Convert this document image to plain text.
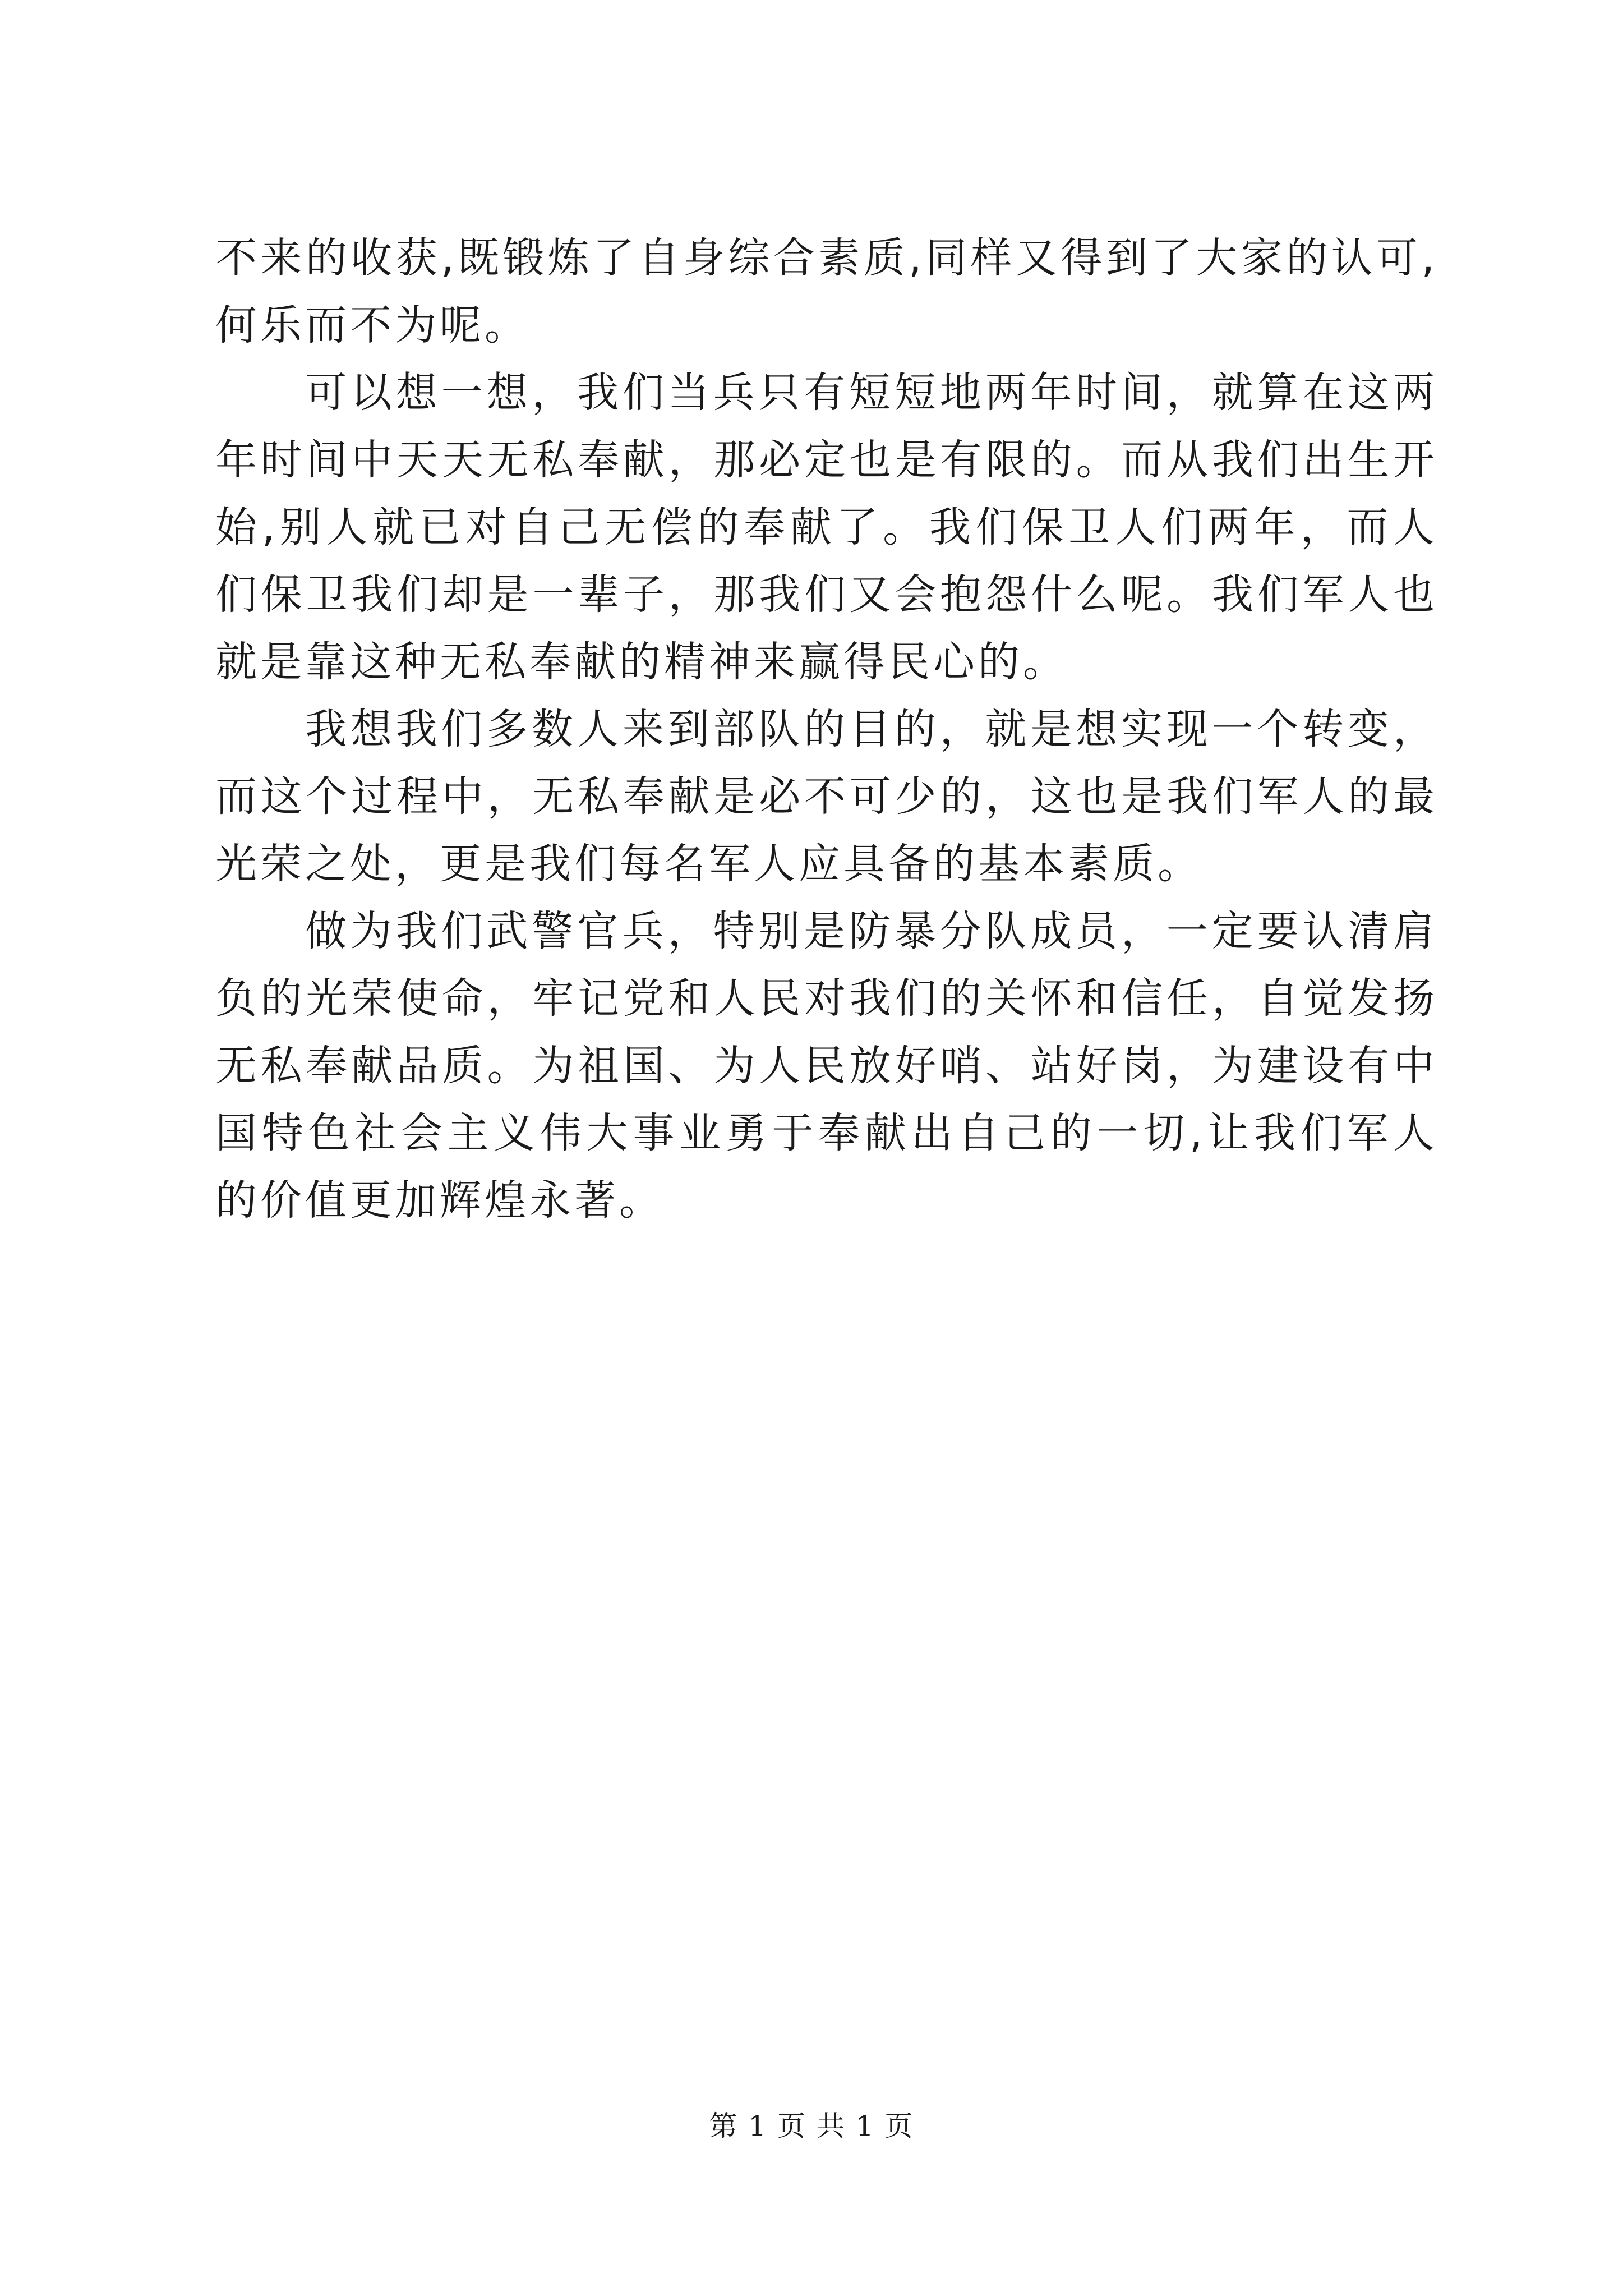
不来的收获,既锻炼了自身综合素质,同样又得到了大家的认可,何乐而不为呢。

可以想一想，我们当兵只有短短地两年时间，就算在这两年时间中天天无私奉献，那必定也是有限的。而从我们出生开始,别人就已对自己无偿的奉献了。我们保卫人们两年，而人们保卫我们却是一辈子，那我们又会抱怨什么呢。我们军人也就是靠这种无私奉献的精神来赢得民心的。

我想我们多数人来到部队的目的，就是想实现一个转变，而这个过程中，无私奉献是必不可少的，这也是我们军人的最光荣之处，更是我们每名军人应具备的基本素质。

做为我们武警官兵，特别是防暴分队成员，一定要认清肩负的光荣使命，牢记党和人民对我们的关怀和信任，自觉发扬无私奉献品质。为祖国、为人民放好哨、站好岗，为建设有中国特色社会主义伟大事业勇于奉献出自己的一切,让我们军人的价值更加辉煌永著。

第 1 页 共 1 页
